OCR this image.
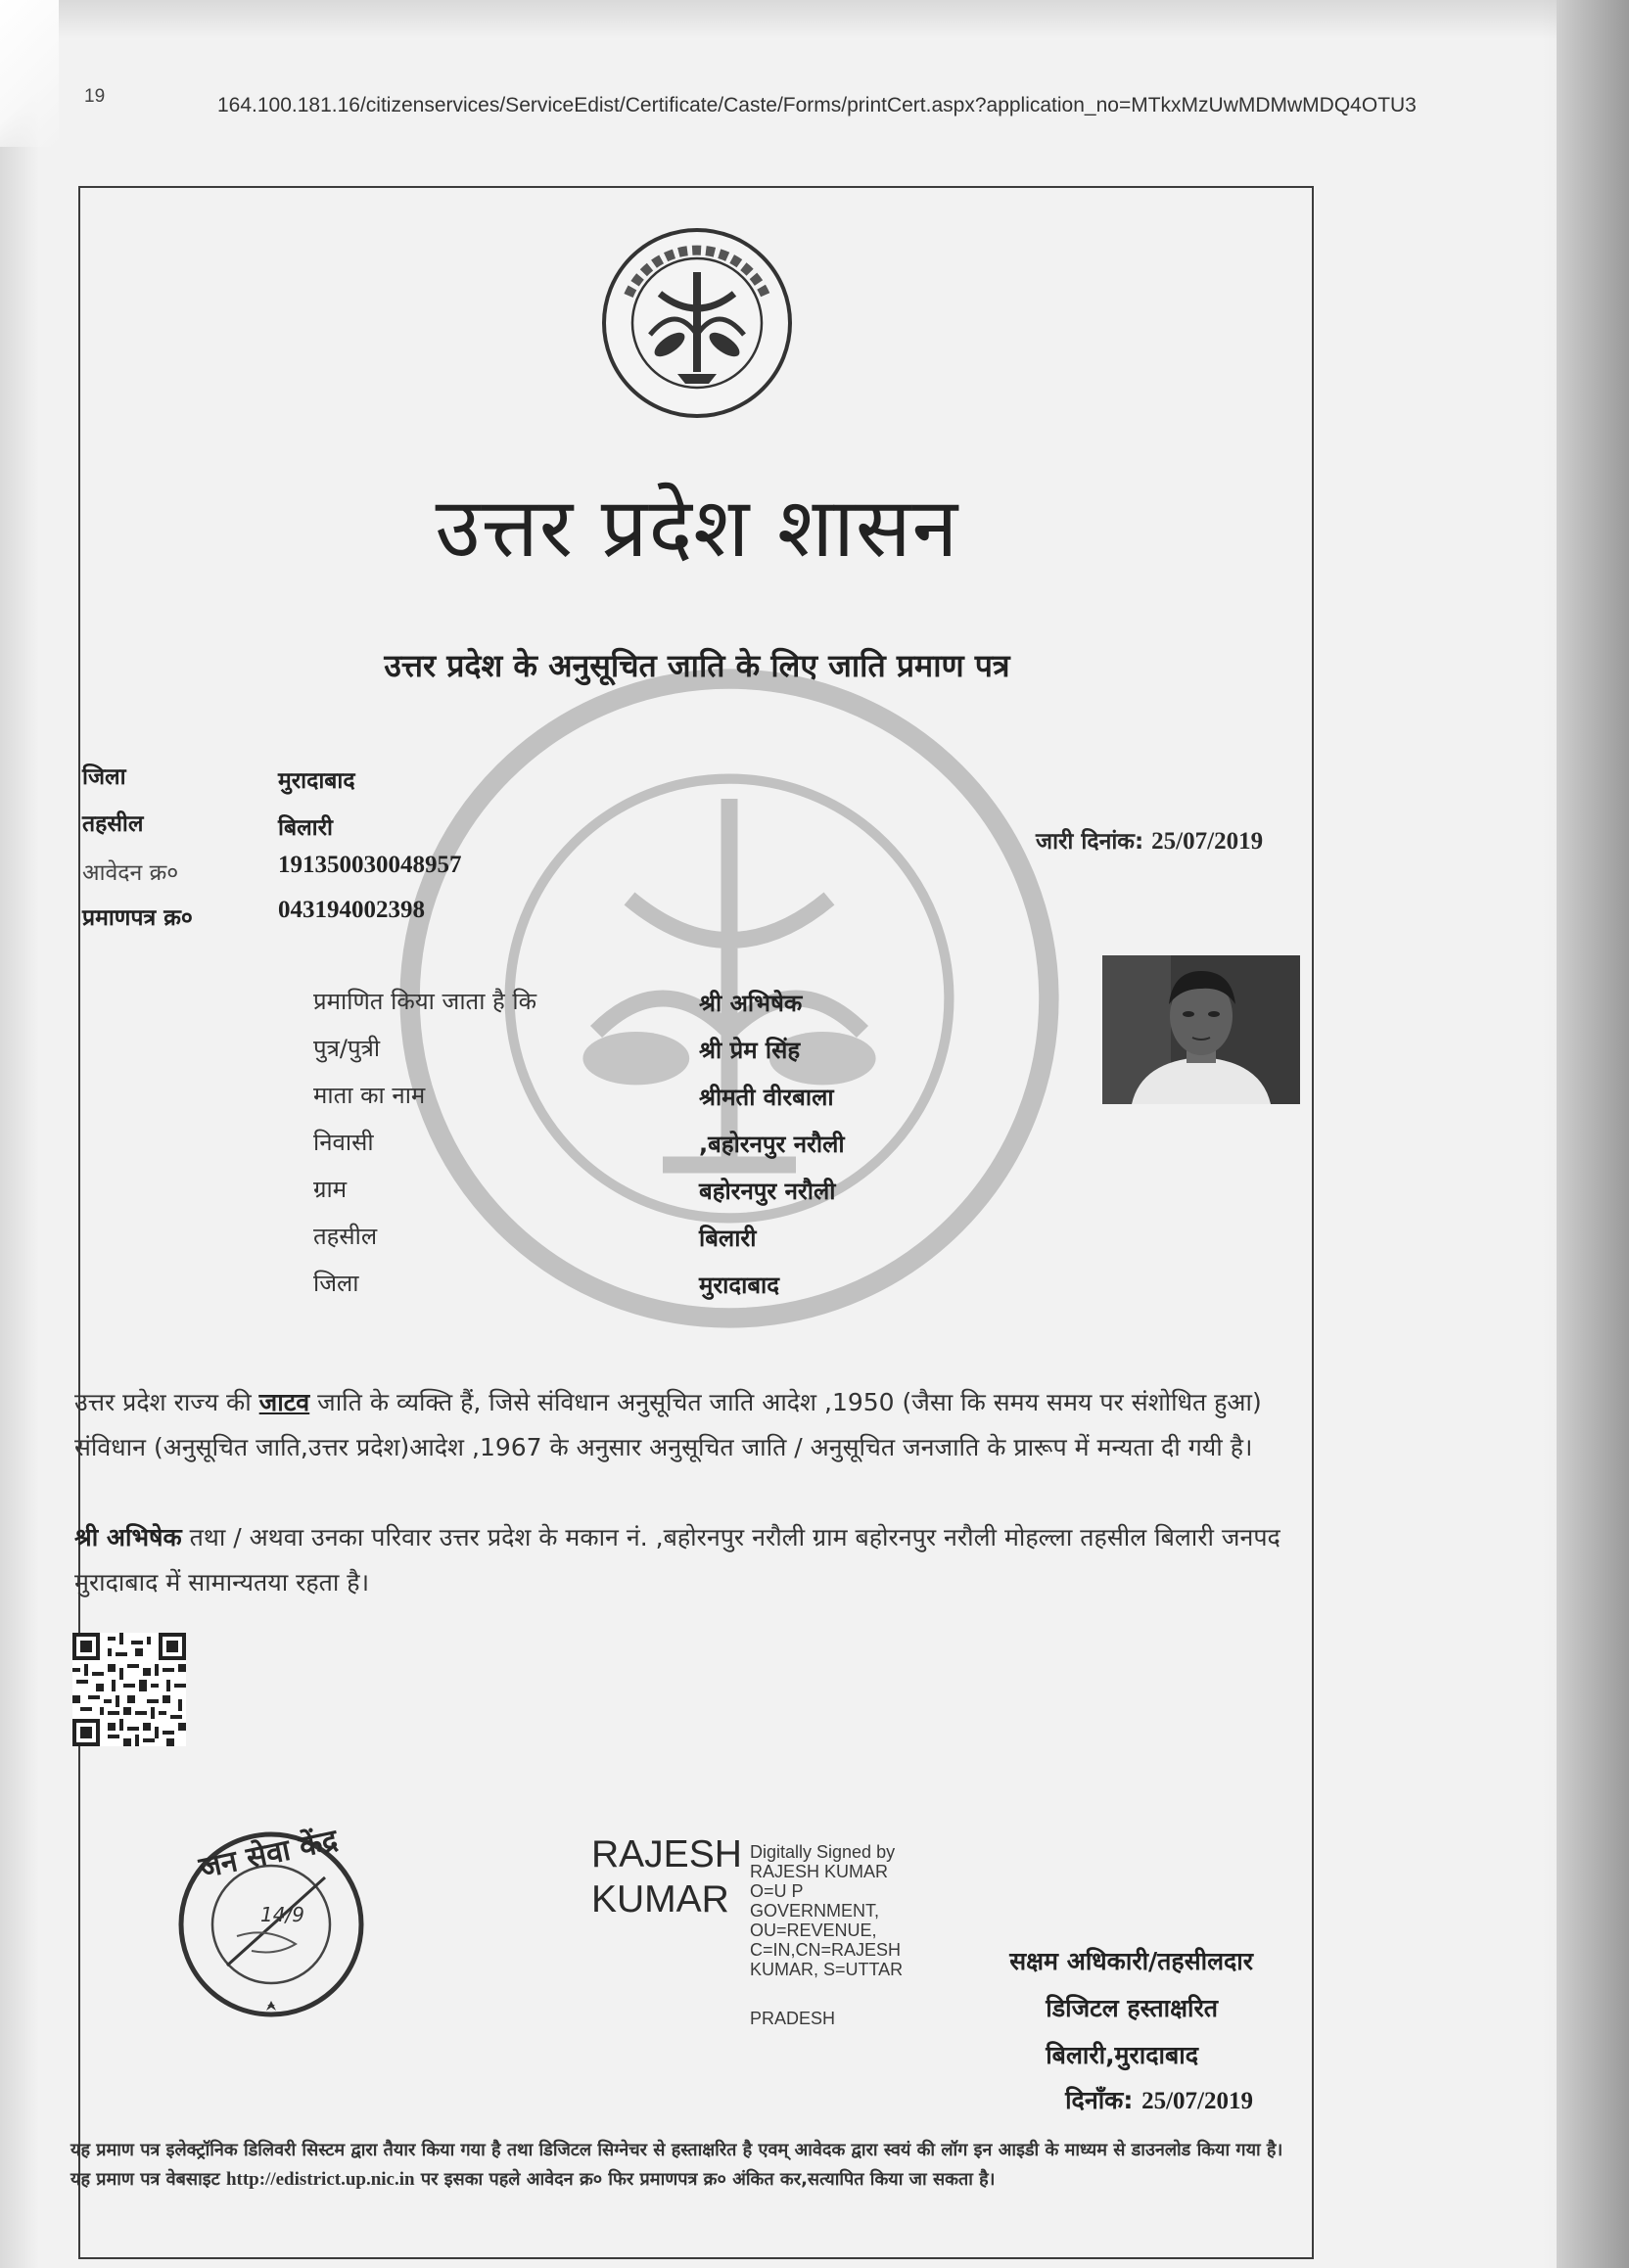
19	164.100.181.16/citizenservices/ServiceEdist/Certificate/Caste/Forms/printCert.aspx?application_no=MTkxMzUwMDMwMDQ4OTU3
उत्तर प्रदेश शासन
उत्तर प्रदेश के अनुसूचित जाति के लिए जाति प्रमाण पत्र
जिला	मुरादाबाद
तहसील	बिलारी
आवेदन क्र०	191350030048957
प्रमाणपत्र क्र०	043194002398
जारी दिनांक: 25/07/2019
प्रमाणित किया जाता है कि	श्री अभिषेक
पुत्र/पुत्री	श्री प्रेम सिंह
माता का नाम	श्रीमती वीरबाला
निवासी	,बहोरनपुर नरौली
ग्राम	बहोरनपुर नरौली
तहसील	बिलारी
जिला	मुरादाबाद
उत्तर प्रदेश राज्य की जाटव जाति के व्यक्ति हैं, जिसे संविधान अनुसूचित जाति आदेश ,1950 (जैसा कि समय समय पर संशोधित हुआ) संविधान (अनुसूचित जाति,उत्तर प्रदेश)आदेश ,1967 के अनुसार अनुसूचित जाति / अनुसूचित जनजाति के प्रारूप में मन्यता दी गयी है।
श्री अभिषेक तथा / अथवा उनका परिवार उत्तर प्रदेश के मकान नं. ,बहोरनपुर नरौली ग्राम बहोरनपुर नरौली मोहल्ला तहसील बिलारी जनपद मुरादाबाद में सामान्यतया रहता है।
जन सेवा केंद्र
14/9
RAJESH
KUMAR
Digitally Signed by
RAJESH KUMAR
O=U P
GOVERNMENT,
OU=REVENUE,
C=IN,CN=RAJESH
KUMAR, S=UTTAR
PRADESH
सक्षम अधिकारी/तहसीलदार
डिजिटल हस्ताक्षरित
बिलारी,मुरादाबाद
दिनाँक: 25/07/2019
यह प्रमाण पत्र इलेक्ट्रॉनिक डिलिवरी सिस्टम द्वारा तैयार किया गया है तथा डिजिटल सिग्नेचर से हस्ताक्षरित है एवम् आवेदक द्वारा स्वयं की लॉग इन आइडी के माध्यम से डाउनलोड किया गया है। यह प्रमाण पत्र वेबसाइट http://edistrict.up.nic.in पर इसका पहले आवेदन क्र० फिर प्रमाणपत्र क्र० अंकित कर,सत्यापित किया जा सकता है।
